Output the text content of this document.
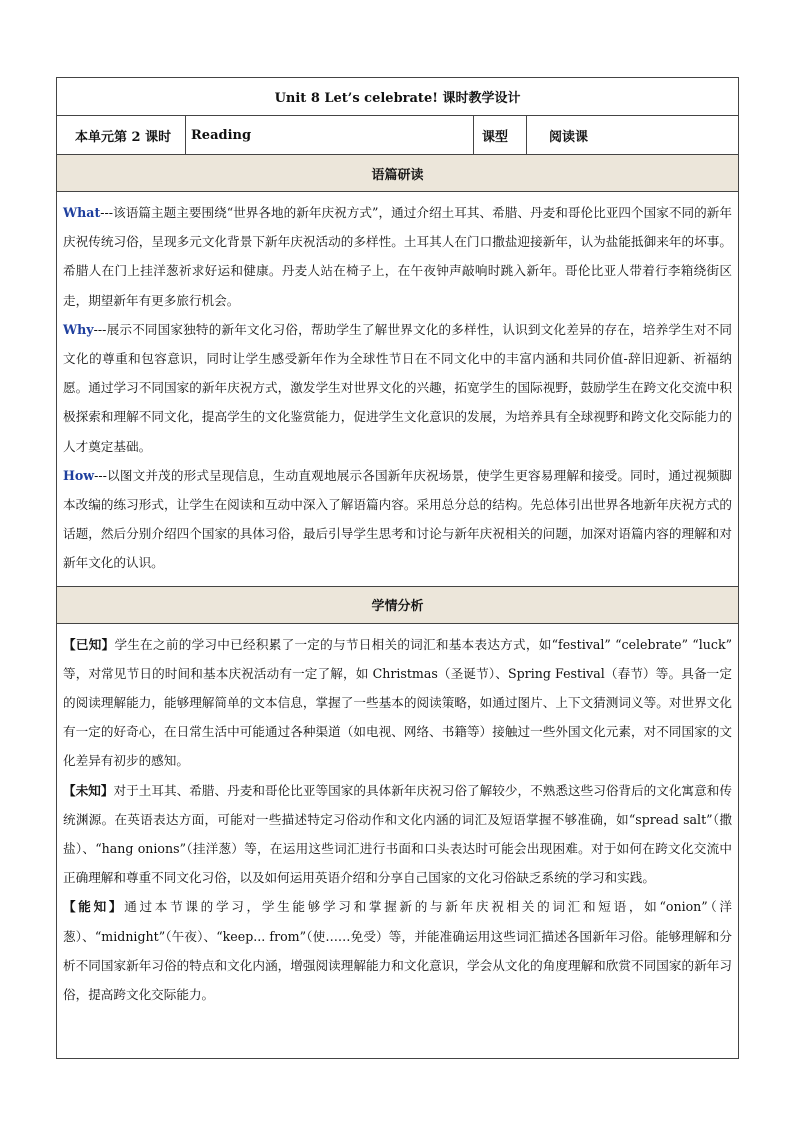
Unit 8 Let’s celebrate! 课时教学设计
本单元第 2 课时	Reading	课型	阅读课
语篇研读

What---该语篇主题主要围绕“世界各地的新年庆祝方式”，通过介绍土耳其、希腊、丹麦和哥伦比亚四个国家不同的新年庆祝传统习俗，呈现多元文化背景下新年庆祝活动的多样性。土耳其人在门口撒盐迎接新年，认为盐能抵御来年的坏事。希腊人在门上挂洋葱祈求好运和健康。丹麦人站在椅子上，在午夜钟声敲响时跳入新年。哥伦比亚人带着行李箱绕街区走，期望新年有更多旅行机会。

Why---展示不同国家独特的新年文化习俗，帮助学生了解世界文化的多样性，认识到文化差异的存在，培养学生对不同文化的尊重和包容意识，同时让学生感受新年作为全球性节日在不同文化中的丰富内涵和共同价值-辞旧迎新、祈福纳愿。通过学习不同国家的新年庆祝方式，激发学生对世界文化的兴趣，拓宽学生的国际视野，鼓励学生在跨文化交流中积极探索和理解不同文化，提高学生的文化鉴赏能力，促进学生文化意识的发展，为培养具有全球视野和跨文化交际能力的人才奠定基础。

How---以图文并茂的形式呈现信息，生动直观地展示各国新年庆祝场景，使学生更容易理解和接受。同时，通过视频脚本改编的练习形式，让学生在阅读和互动中深入了解语篇内容。采用总分总的结构。先总体引出世界各地新年庆祝方式的话题，然后分别介绍四个国家的具体习俗，最后引导学生思考和讨论与新年庆祝相关的问题，加深对语篇内容的理解和对新年文化的认识。

学情分析

【已知】学生在之前的学习中已经积累了一定的与节日相关的词汇和基本表达方式，如“festival” “celebrate” “luck” 等，对常见节日的时间和基本庆祝活动有一定了解，如 Christmas（圣诞节）、Spring Festival（春节）等。具备一定的阅读理解能力，能够理解简单的文本信息，掌握了一些基本的阅读策略，如通过图片、上下文猜测词义等。对世界文化有一定的好奇心，在日常生活中可能通过各种渠道（如电视、网络、书籍等）接触过一些外国文化元素，对不同国家的文化差异有初步的感知。

【未知】对于土耳其、希腊、丹麦和哥伦比亚等国家的具体新年庆祝习俗了解较少，不熟悉这些习俗背后的文化寓意和传统渊源。在英语表达方面，可能对一些描述特定习俗动作和文化内涵的词汇及短语掌握不够准确，如“spread salt”（撒盐）、“hang onions”（挂洋葱）等，在运用这些词汇进行书面和口头表达时可能会出现困难。对于如何在跨文化交流中正确理解和尊重不同文化习俗，以及如何运用英语介绍和分享自己国家的文化习俗缺乏系统的学习和实践。

【能知】通过本节课的学习，学生能够学习和掌握新的与新年庆祝相关的词汇和短语，如“onion”（洋葱）、“midnight”（午夜）、“keep... from”（使……免受）等，并能准确运用这些词汇描述各国新年习俗。能够理解和分析不同国家新年习俗的特点和文化内涵，增强阅读理解能力和文化意识，学会从文化的角度理解和欣赏不同国家的新年习俗，提高跨文化交际能力。
